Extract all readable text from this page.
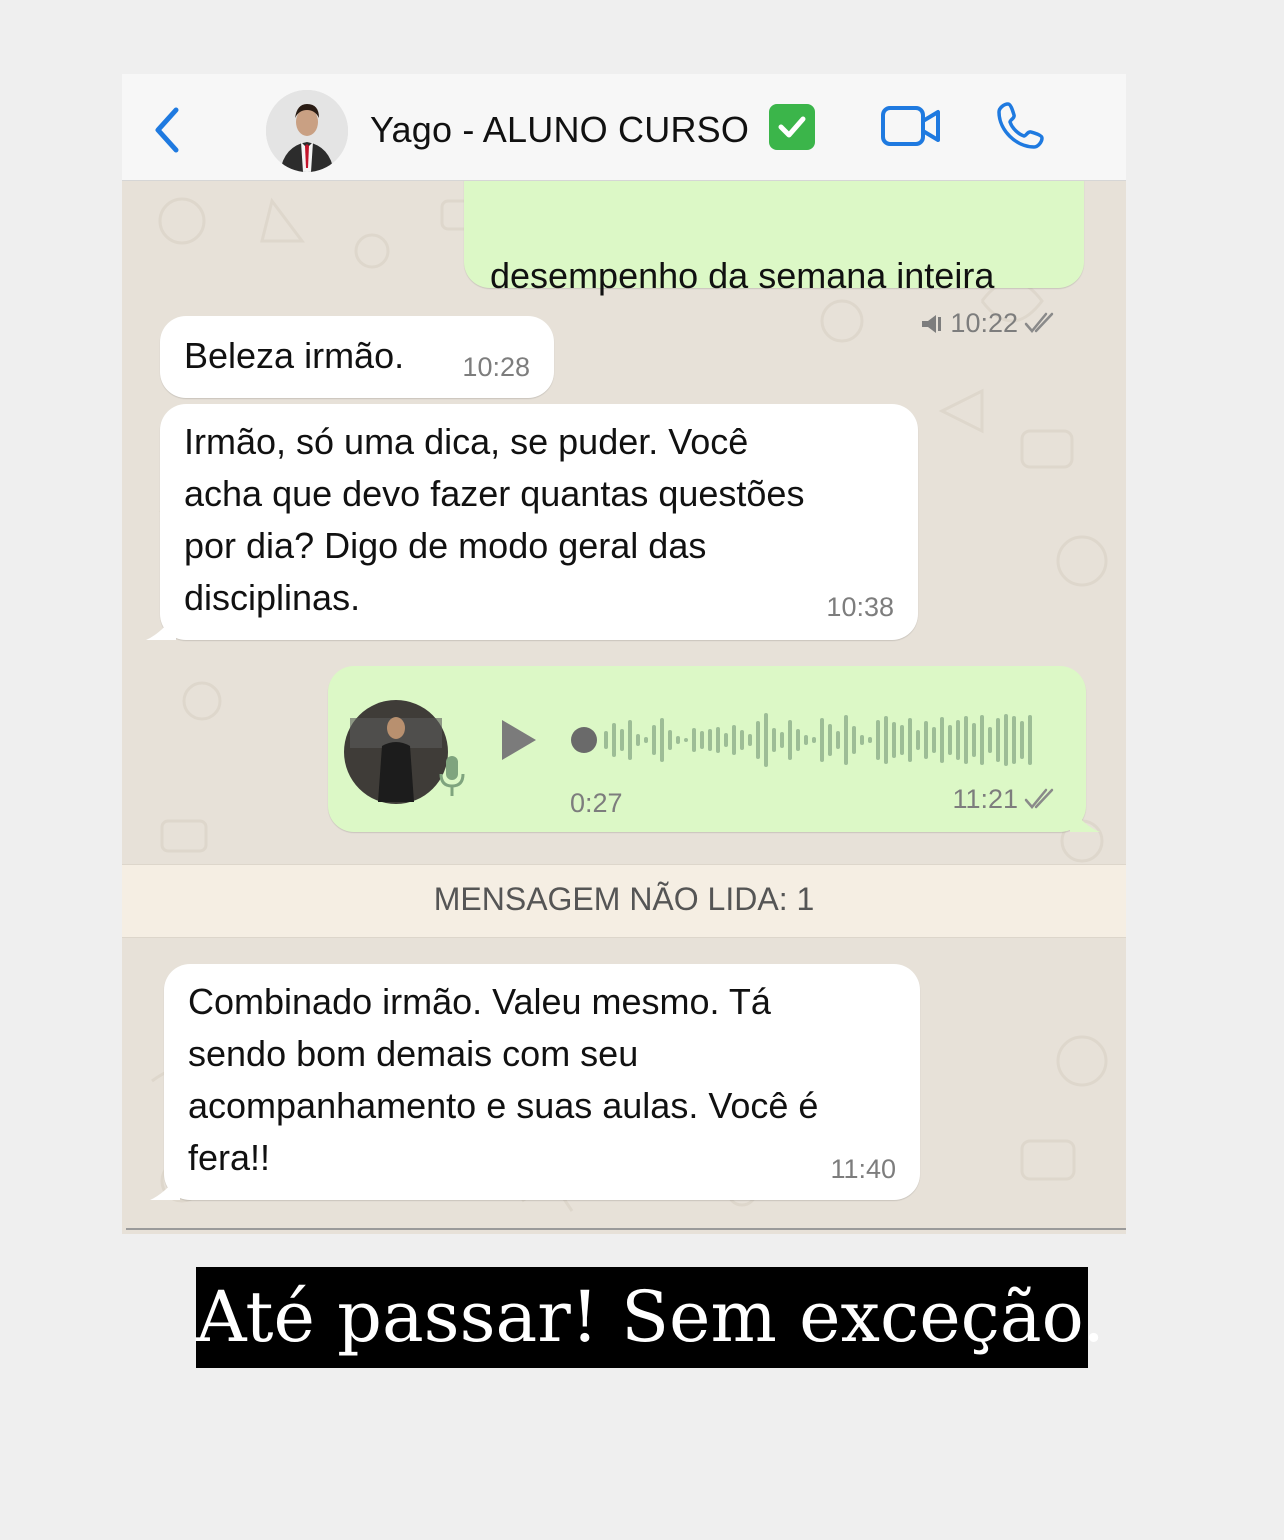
Yago - ALUNO CURSO
desempenho da semana inteira
10:22
Beleza irmão. 10:28
Irmão, só uma dica, se puder. Você
acha que devo fazer quantas questões
por dia? Digo de modo geral das
disciplinas.	10:38
0:27	11:21
MENSAGEM NÃO LIDA: 1
Combinado irmão. Valeu mesmo. Tá
sendo bom demais com seu
acompanhamento e suas aulas. Você é
fera!!	11:40
Até passar! Sem exceção.
